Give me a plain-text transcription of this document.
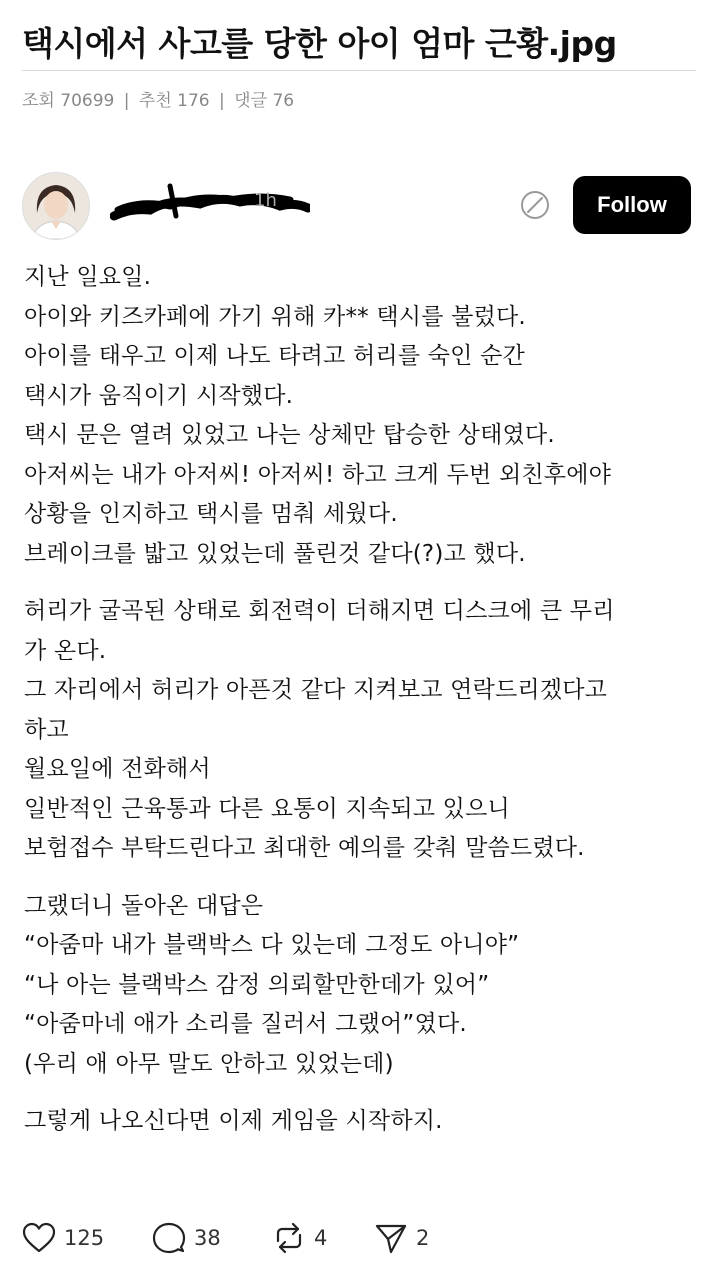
택시에서 사고를 당한 아이 엄마 근황.jpg
조회 70699 | 추천 176 | 댓글 76
1h	Follow
지난 일요일.
아이와 키즈카페에 가기 위해 카** 택시를 불렀다.
아이를 태우고 이제 나도 타려고 허리를 숙인 순간
택시가 움직이기 시작했다.
택시 문은 열려 있었고 나는 상체만 탑승한 상태였다.
아저씨는 내가 아저씨! 아저씨! 하고 크게 두번 외친후에야
상황을 인지하고 택시를 멈춰 세웠다.
브레이크를 밟고 있었는데 풀린것 같다(?)고 했다.
허리가 굴곡된 상태로 회전력이 더해지면 디스크에 큰 무리
가 온다.
그 자리에서 허리가 아픈것 같다 지켜보고 연락드리겠다고
하고
월요일에 전화해서
일반적인 근육통과 다른 요통이 지속되고 있으니
보험접수 부탁드린다고 최대한 예의를 갖춰 말씀드렸다.
그랬더니 돌아온 대답은
“아줌마 내가 블랙박스 다 있는데 그정도 아니야”
“나 아는 블랙박스 감정 의뢰할만한데가 있어”
“아줌마네 애가 소리를 질러서 그랬어”였다.
(우리 애 아무 말도 안하고 있었는데)
그렇게 나오신다면 이제 게임을 시작하지.
125	38	4	2
